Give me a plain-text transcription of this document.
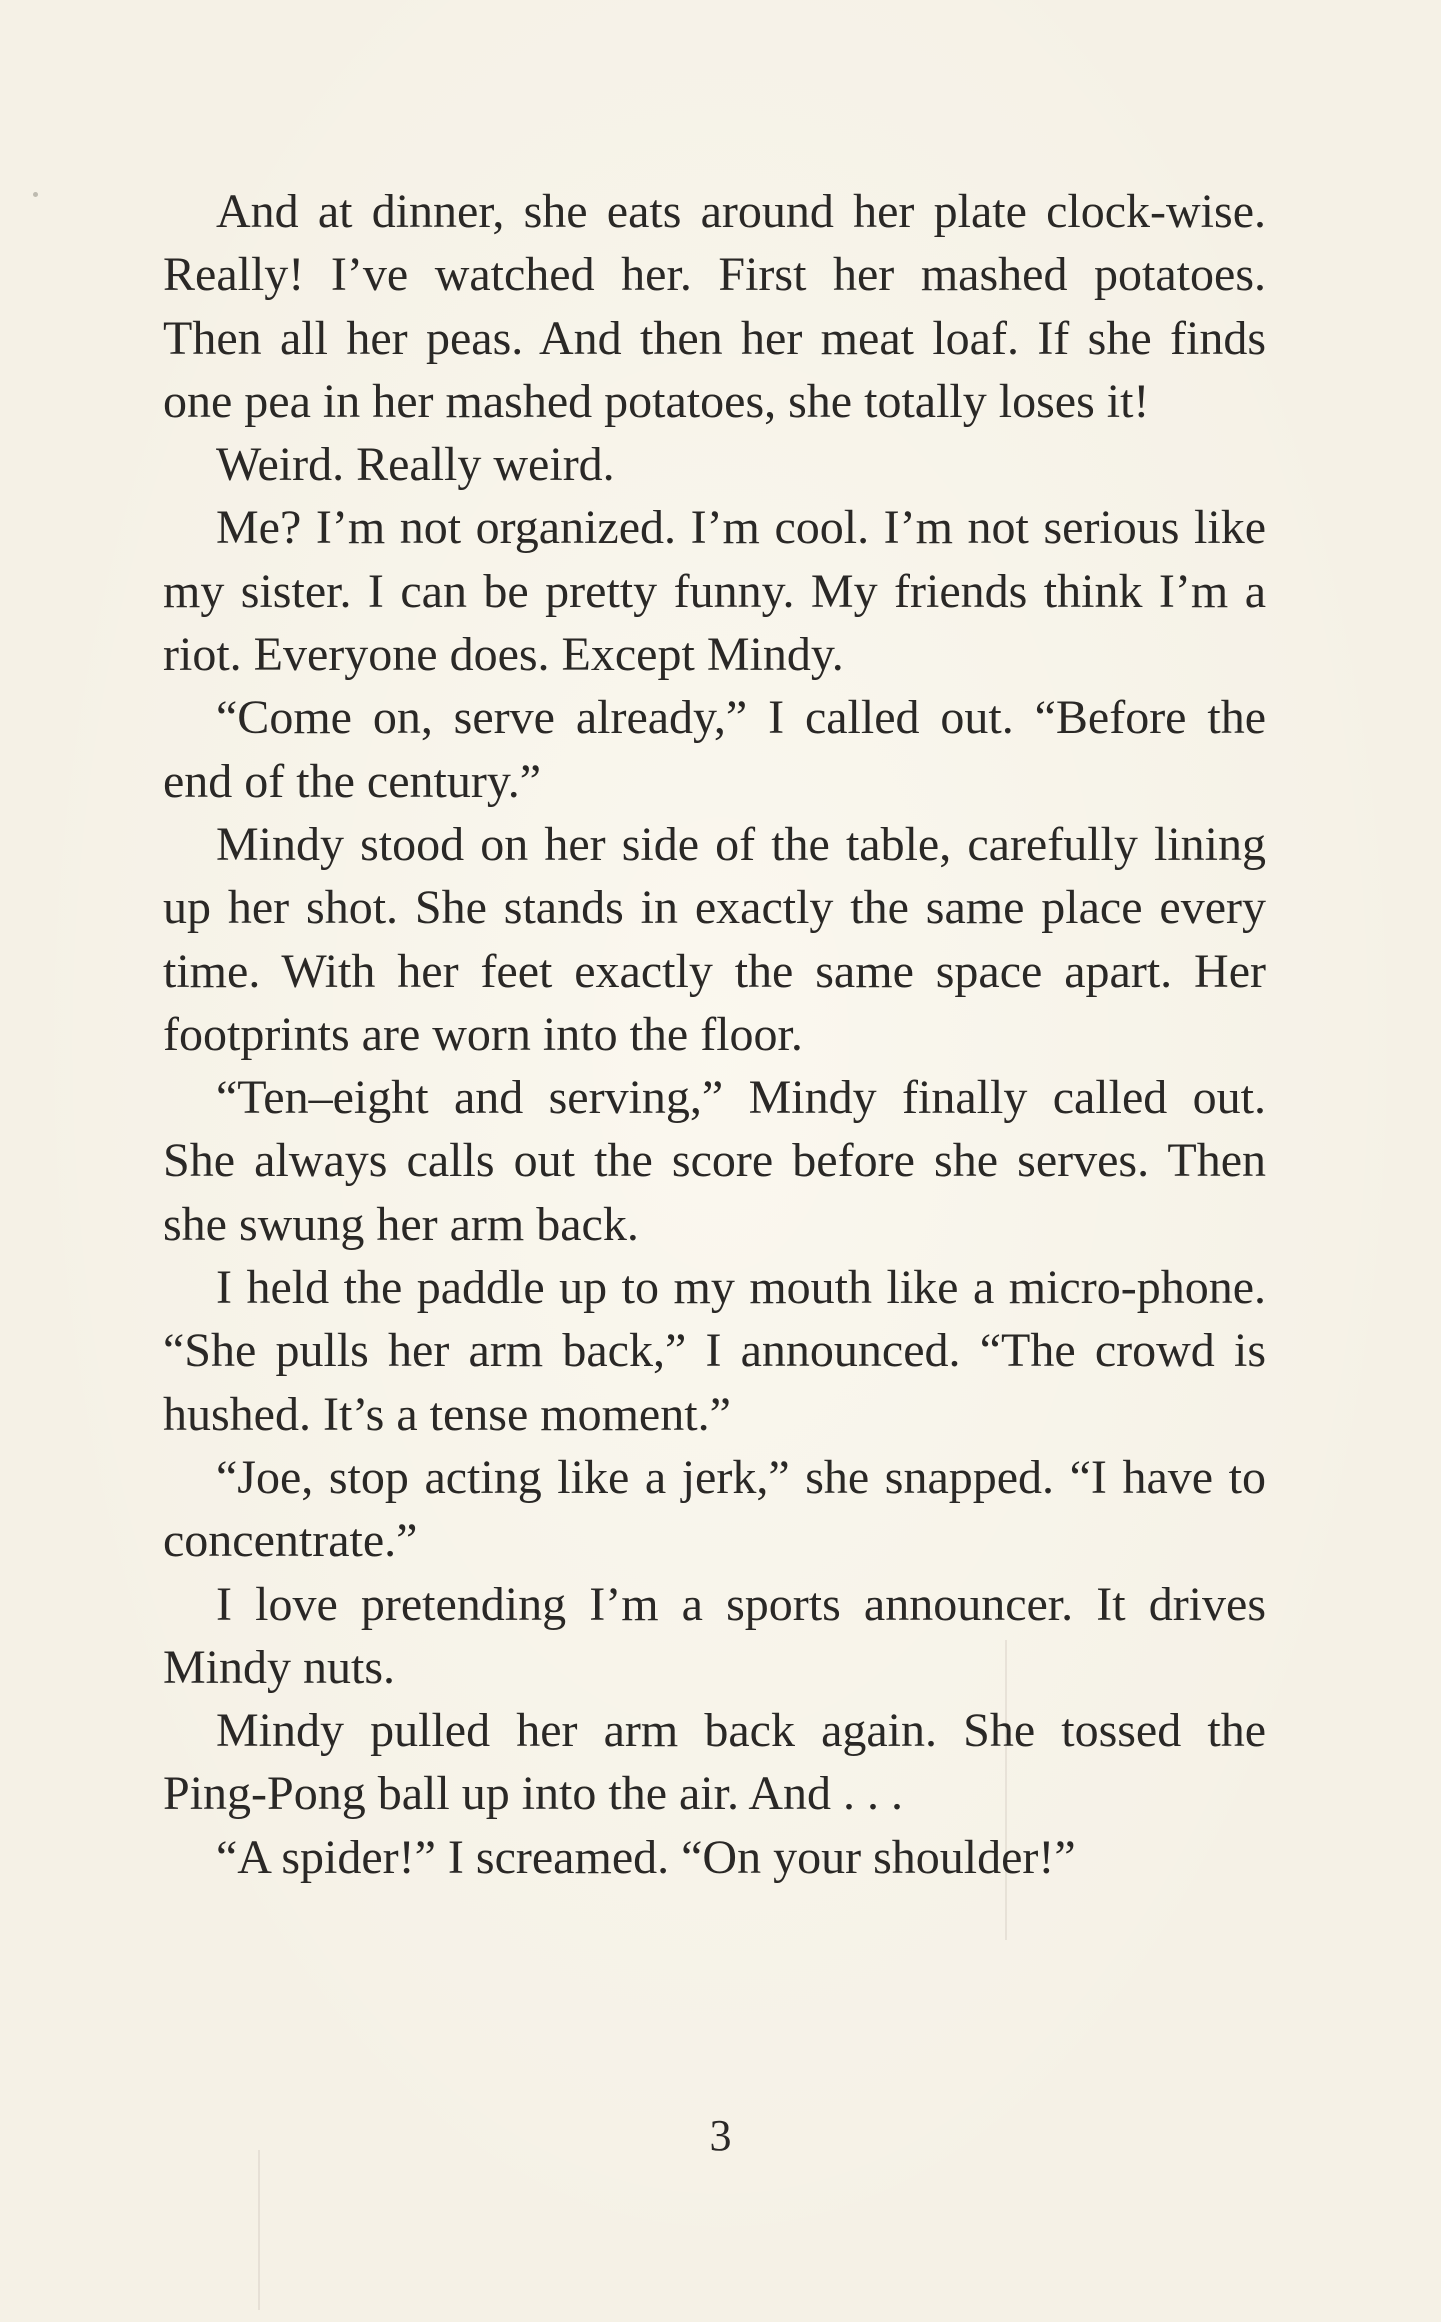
And at dinner, she eats around her plate clock-wise. Really! I’ve watched her. First her mashed potatoes. Then all her peas. And then her meat loaf. If she finds one pea in her mashed potatoes, she totally loses it!

Weird. Really weird.

Me? I’m not organized. I’m cool. I’m not serious like my sister. I can be pretty funny. My friends think I’m a riot. Everyone does. Except Mindy.

“Come on, serve already,” I called out. “Before the end of the century.”

Mindy stood on her side of the table, carefully lining up her shot. She stands in exactly the same place every time. With her feet exactly the same space apart. Her footprints are worn into the floor.

“Ten–eight and serving,” Mindy finally called out. She always calls out the score before she serves. Then she swung her arm back.

I held the paddle up to my mouth like a micro-phone. “She pulls her arm back,” I announced. “The crowd is hushed. It’s a tense moment.”

“Joe, stop acting like a jerk,” she snapped. “I have to concentrate.”

I love pretending I’m a sports announcer. It drives Mindy nuts.

Mindy pulled her arm back again. She tossed the Ping-Pong ball up into the air. And . . .

“A spider!” I screamed. “On your shoulder!”

3
